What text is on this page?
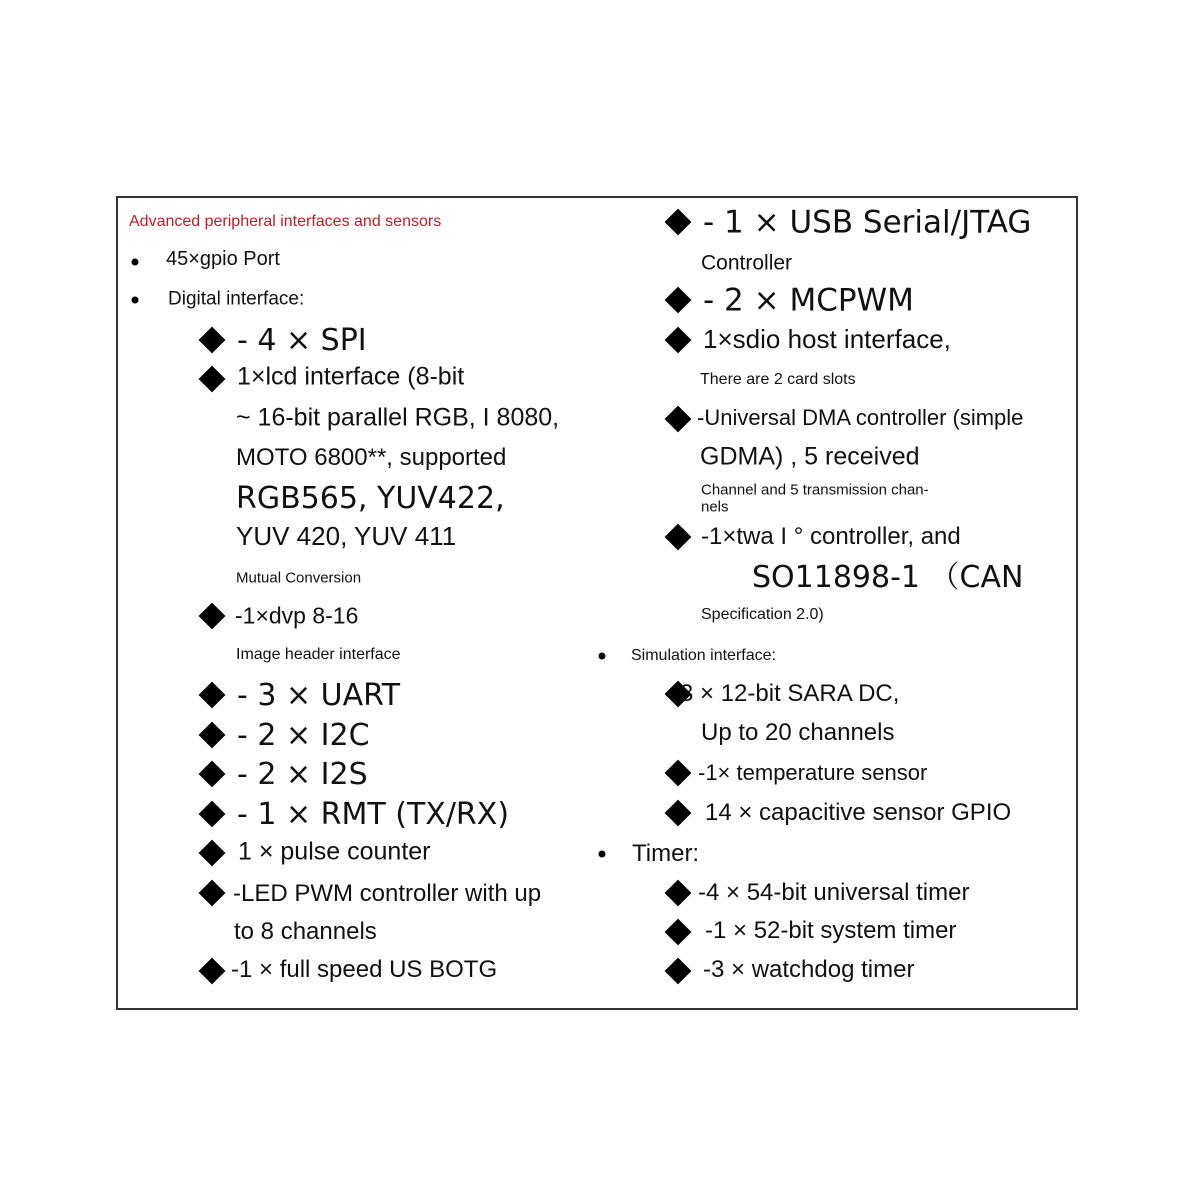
Advanced peripheral interfaces and sensors
45×gpio Port
Digital interface:
- 4 × SPI
1×lcd interface (8-bit
~ 16-bit parallel RGB, I 8080,
MOTO 6800**, supported
RGB565, YUV422,
YUV 420, YUV 411
Mutual Conversion
-1×dvp 8-16
Image header interface
- 3 × UART
- 2 × I2C
- 2 × I2S
- 1 × RMT (TX/RX)
1 × pulse counter
-LED PWM controller with up
to 8 channels
-1 × full speed US BOTG
- 1 × USB Serial/JTAG
Controller
- 2 × MCPWM
1×sdio host interface,
There are 2 card slots
-Universal DMA controller (simple
GDMA) , 5 received
Channel and 5 transmission chan-
nels
-1×twa I ° controller, and
SO11898-1 （CAN
Specification 2.0)
Simulation interface:
3 × 12-bit SARA DC,
Up to 20 channels
-1× temperature sensor
14 × capacitive sensor GPIO
Timer:
-4 × 54-bit universal timer
-1 × 52-bit system timer
-3 × watchdog timer
